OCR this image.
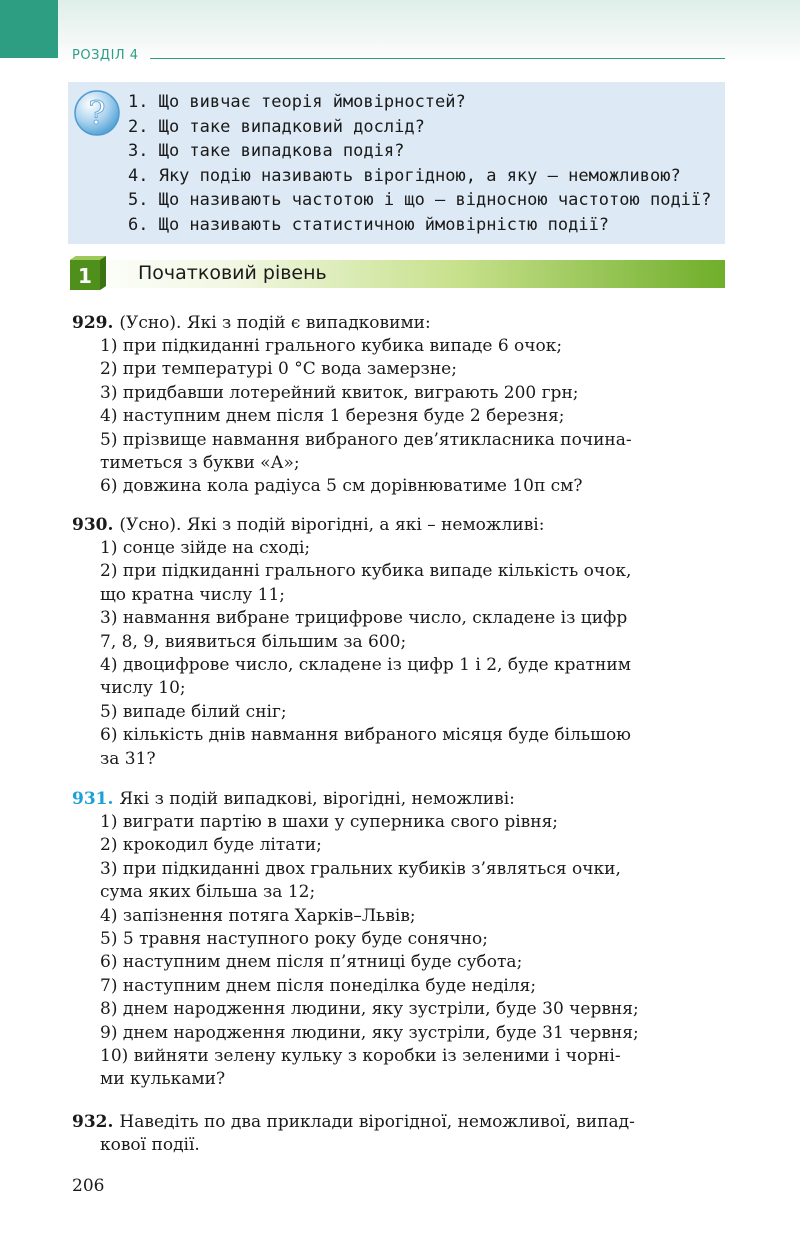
РОЗДІЛ 4
? 1. Що вивчає теорія ймовірностей?
2. Що таке випадковий дослід?
3. Що таке випадкова подія?
4. Яку подію називають вірогідною, а яку – неможливою?
5. Що називають частотою і що – відносною частотою події?
6. Що називають статистичною ймовірністю події?
1 Початковий рівень
929. (Усно). Які з подій є випадковими:
1) при підкиданні грального кубика випаде 6 очок;
2) при температурі 0 °С вода замерзне;
3) придбавши лотерейний квиток, виграють 200 грн;
4) наступним днем після 1 березня буде 2 березня;
5) прізвище навмання вибраного дев’ятикласника почина-
тиметься з букви «А»;
6) довжина кола радіуса 5 см дорівнюватиме 10π см?
930. (Усно). Які з подій вірогідні, а які – неможливі:
1) сонце зійде на сході;
2) при підкиданні грального кубика випаде кількість очок,
що кратна числу 11;
3) навмання вибране трицифрове число, складене із цифр
7, 8, 9, виявиться більшим за 600;
4) двоцифрове число, складене із цифр 1 і 2, буде кратним
числу 10;
5) випаде білий сніг;
6) кількість днів навмання вибраного місяця буде більшою
за 31?
931. Які з подій випадкові, вірогідні, неможливі:
1) виграти партію в шахи у суперника свого рівня;
2) крокодил буде літати;
3) при підкиданні двох гральних кубиків з’являться очки,
сума яких більша за 12;
4) запізнення потяга Харків–Львів;
5) 5 травня наступного року буде сонячно;
6) наступним днем після п’ятниці буде субота;
7) наступним днем після понеділка буде неділя;
8) днем народження людини, яку зустріли, буде 30 червня;
9) днем народження людини, яку зустріли, буде 31 червня;
10) вийняти зелену кульку з коробки із зеленими і чорні-
ми кульками?
932. Наведіть по два приклади вірогідної, неможливої, випад-
кової події.
206
